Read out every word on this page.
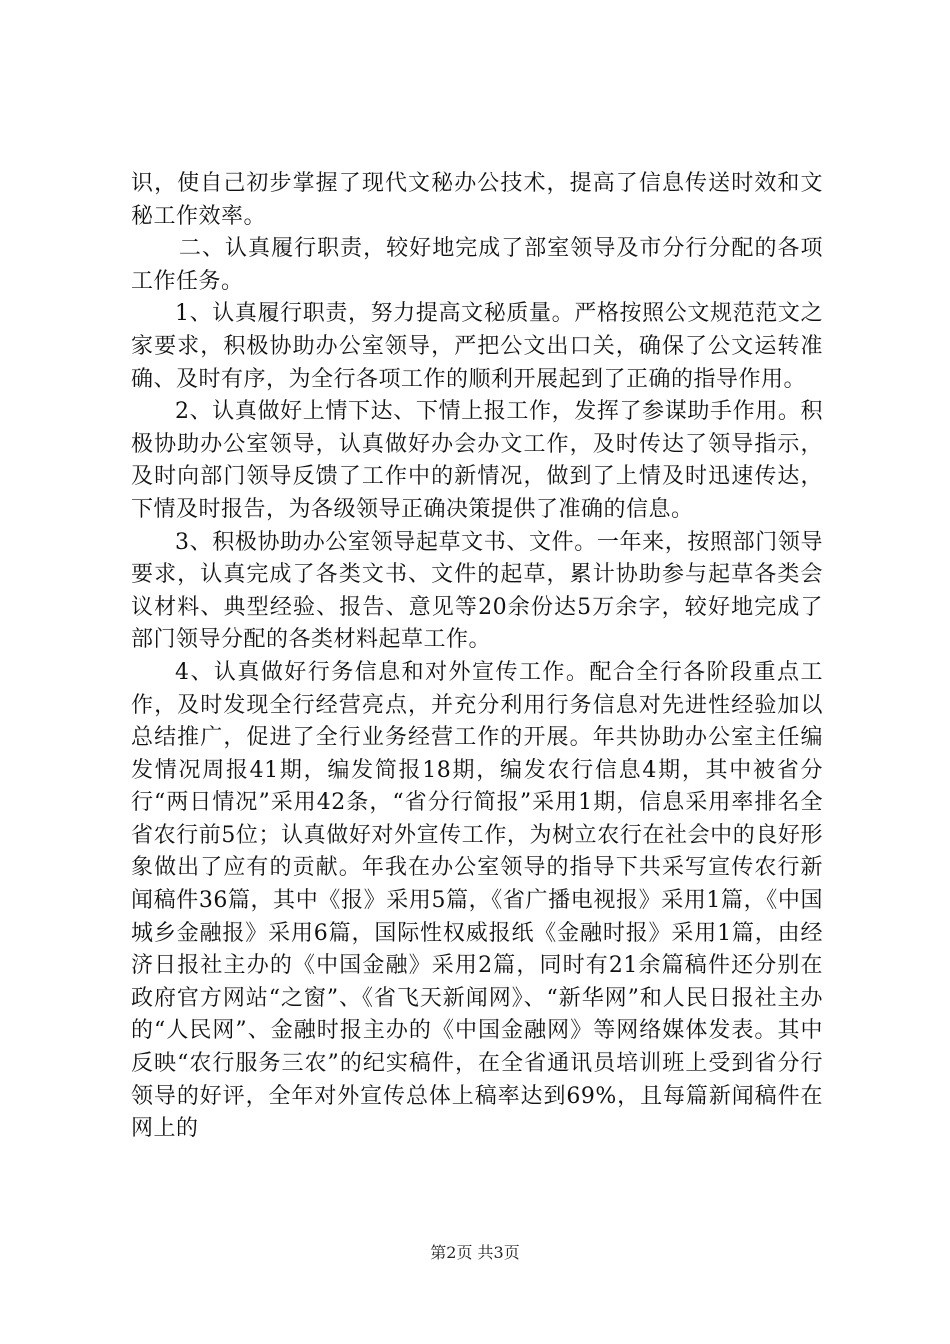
识，使自己初步掌握了现代文秘办公技术，提高了信息传送时效和文秘工作效率。

二、认真履行职责，较好地完成了部室领导及市分行分配的各项工作任务。

1、认真履行职责，努力提高文秘质量。严格按照公文规范范文之家要求，积极协助办公室领导，严把公文出口关，确保了公文运转准确、及时有序，为全行各项工作的顺利开展起到了正确的指导作用。

2、认真做好上情下达、下情上报工作，发挥了参谋助手作用。积极协助办公室领导，认真做好办会办文工作，及时传达了领导指示，及时向部门领导反馈了工作中的新情况，做到了上情及时迅速传达，下情及时报告，为各级领导正确决策提供了准确的信息。

3、积极协助办公室领导起草文书、文件。一年来，按照部门领导要求，认真完成了各类文书、文件的起草，累计协助参与起草各类会议材料、典型经验、报告、意见等20余份达5万余字，较好地完成了部门领导分配的各类材料起草工作。

4、认真做好行务信息和对外宣传工作。配合全行各阶段重点工作，及时发现全行经营亮点，并充分利用行务信息对先进性经验加以总结推广，促进了全行业务经营工作的开展。年共协助办公室主任编发情况周报41期，编发简报18期，编发农行信息4期，其中被省分行“两日情况”采用42条，“省分行简报”采用1期，信息采用率排名全省农行前5位；认真做好对外宣传工作，为树立农行在社会中的良好形象做出了应有的贡献。年我在办公室领导的指导下共采写宣传农行新闻稿件36篇，其中《报》采用5篇，《省广播电视报》采用1篇，《中国城乡金融报》采用6篇，国际性权威报纸《金融时报》采用1篇，由经济日报社主办的《中国金融》采用2篇，同时有21余篇稿件还分别在政府官方网站“之窗”、《省飞天新闻网》、“新华网”和人民日报社主办的“人民网”、金融时报主办的《中国金融网》等网络媒体发表。其中反映“农行服务三农”的纪实稿件，在全省通讯员培训班上受到省分行领导的好评，全年对外宣传总体上稿率达到69%，且每篇新闻稿件在网上的

第2页 共3页
